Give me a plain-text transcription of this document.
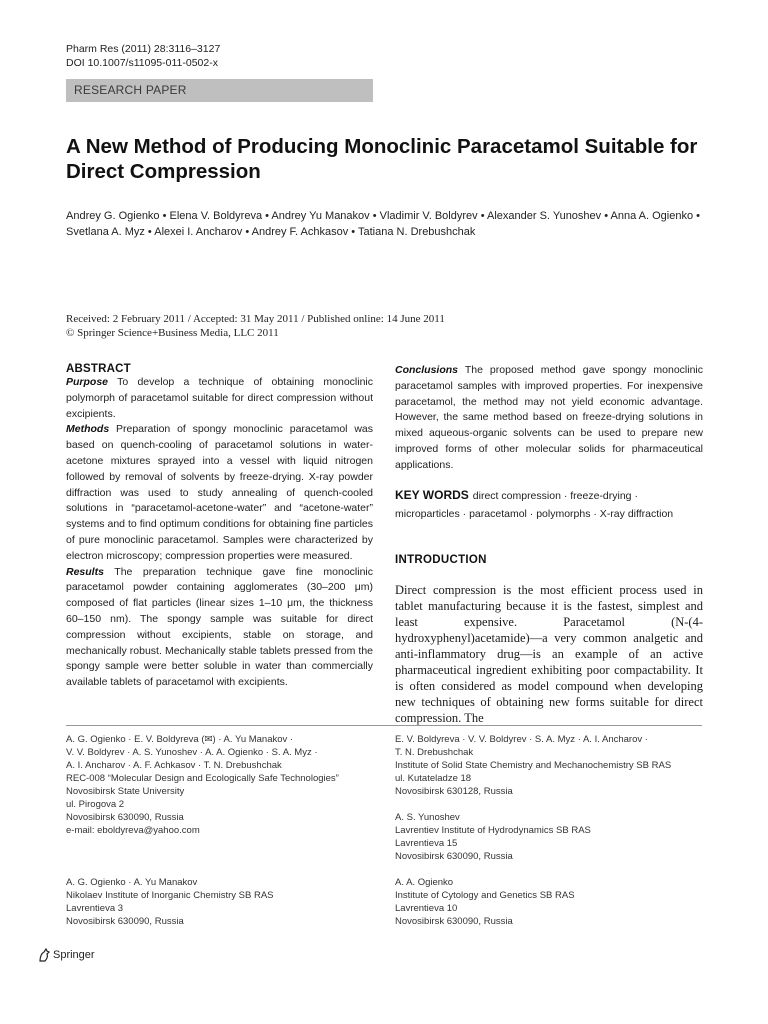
Pharm Res (2011) 28:3116–3127
DOI 10.1007/s11095-011-0502-x
RESEARCH PAPER
A New Method of Producing Monoclinic Paracetamol Suitable for Direct Compression
Andrey G. Ogienko • Elena V. Boldyreva • Andrey Yu Manakov • Vladimir V. Boldyrev • Alexander S. Yunoshev • Anna A. Ogienko • Svetlana A. Myz • Alexei I. Ancharov • Andrey F. Achkasov • Tatiana N. Drebushchak
Received: 2 February 2011 / Accepted: 31 May 2011 / Published online: 14 June 2011
© Springer Science+Business Media, LLC 2011
ABSTRACT
Purpose To develop a technique of obtaining monoclinic polymorph of paracetamol suitable for direct compression without excipients.
Methods Preparation of spongy monoclinic paracetamol was based on quench-cooling of paracetamol solutions in water-acetone mixtures sprayed into a vessel with liquid nitrogen followed by removal of solvents by freeze-drying. X-ray powder diffraction was used to study annealing of quench-cooled solutions in “paracetamol-acetone-water” and “acetone-water” systems and to find optimum conditions for obtaining fine particles of pure monoclinic paracetamol. Samples were characterized by electron microscopy; compression properties were measured.
Results The preparation technique gave fine monoclinic paracetamol powder containing agglomerates (30–200 μm) composed of flat particles (linear sizes 1–10 μm, the thickness 60–150 nm). The spongy sample was suitable for direct compression without excipients, stable on storage, and mechanically robust. Mechanically stable tablets pressed from the spongy sample were better soluble in water than commercially available tablets of paracetamol with excipients.
Conclusions The proposed method gave spongy monoclinic paracetamol samples with improved properties. For inexpensive paracetamol, the method may not yield economic advantage. However, the same method based on freeze-drying solutions in mixed aqueous-organic solvents can be used to prepare new improved forms of other molecular solids for pharmaceutical applications.
KEY WORDS direct compression · freeze-drying · microparticles · paracetamol · polymorphs · X-ray diffraction
INTRODUCTION
Direct compression is the most efficient process used in tablet manufacturing because it is the fastest, simplest and least expensive. Paracetamol (N-(4-hydroxyphenyl)acetamide)—a very common analgetic and anti-inflammatory drug—is an example of an active pharmaceutical ingredient exhibiting poor compactability. It is often considered as model compound when developing new techniques of obtaining new forms suitable for direct compression. The
A. G. Ogienko · E. V. Boldyreva (✉) · A. Yu Manakov ·
V. V. Boldyrev · A. S. Yunoshev · A. A. Ogienko · S. A. Myz ·
A. I. Ancharov · A. F. Achkasov · T. N. Drebushchak
REC-008 “Molecular Design and Ecologically Safe Technologies”
Novosibirsk State University
ul. Pirogova 2
Novosibirsk 630090, Russia
e-mail: eboldyreva@yahoo.com
A. G. Ogienko · A. Yu Manakov
Nikolaev Institute of Inorganic Chemistry SB RAS
Lavrentieva 3
Novosibirsk 630090, Russia
E. V. Boldyreva · V. V. Boldyrev · S. A. Myz · A. I. Ancharov ·
T. N. Drebushchak
Institute of Solid State Chemistry and Mechanochemistry SB RAS
ul. Kutateladze 18
Novosibirsk 630128, Russia
A. S. Yunoshev
Lavrentiev Institute of Hydrodynamics SB RAS
Lavrentieva 15
Novosibirsk 630090, Russia
A. A. Ogienko
Institute of Cytology and Genetics SB RAS
Lavrentieva 10
Novosibirsk 630090, Russia
Springer
